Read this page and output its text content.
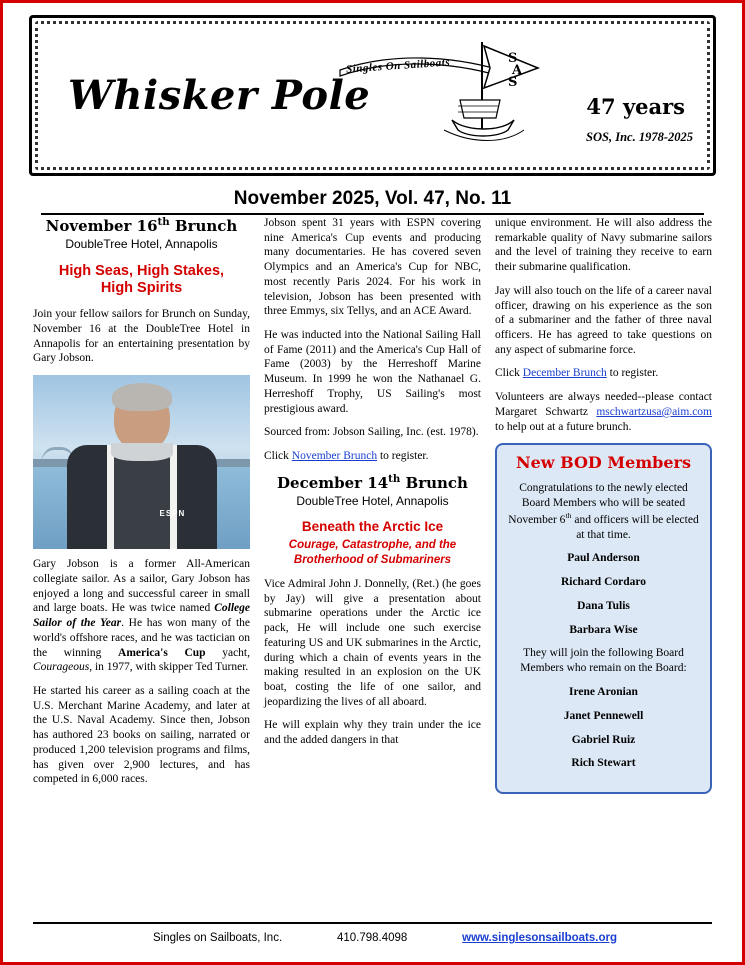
Whisker Pole
S
A
S
Singles On Sailboats
47 years
SOS, Inc. 1978-2025
November 2025, Vol. 47, No. 11
November 16th Brunch
DoubleTree Hotel, Annapolis
High Seas, High Stakes,
High Spirits

Join your fellow sailors for Brunch on Sunday, November 16 at the DoubleTree Hotel in Annapolis for an entertaining presentation by Gary Jobson.

ESPN

Gary Jobson is a former All-American collegiate sailor. As a sailor, Gary Jobson has enjoyed a long and successful career in small and large boats. He was twice named College Sailor of the Year. He has won many of the world's offshore races, and he was tactician on the winning America's Cup yacht, Courageous, in 1977, with skipper Ted Turner.

He started his career as a sailing coach at the U.S. Merchant Marine Academy, and later at the U.S. Naval Academy. Since then, Jobson has authored 23 books on sailing, narrated or produced 1,200 television programs and films, has given over 2,900 lectures, and has competed in 6,000 races.

Jobson spent 31 years with ESPN covering nine America's Cup events and producing many documentaries. He has covered seven Olympics and an America's Cup for NBC, most recently Paris 2024. For his work in television, Jobson has been presented with three Emmys, six Tellys, and an ACE Award.

He was inducted into the National Sailing Hall of Fame (2011) and the America's Cup Hall of Fame (2003) by the Herreshoff Marine Museum. In 1999 he won the Nathanael G. Herreshoff Trophy, US Sailing's most prestigious award.

Sourced from: Jobson Sailing, Inc. (est. 1978).

Click November Brunch to register.

December 14th Brunch
DoubleTree Hotel, Annapolis
Beneath the Arctic Ice
Courage, Catastrophe, and the Brotherhood of Submariners

Vice Admiral John J. Donnelly, (Ret.) (he goes by Jay) will give a presentation about submarine operations under the Arctic ice pack, He will include one such exercise featuring US and UK submarines in the Arctic, during which a chain of events years in the making resulted in an explosion on the UK boat, costing the life of one sailor, and jeopardizing the lives of all aboard.

He will explain why they train under the ice and the added dangers in that

unique environment. He will also address the remarkable quality of Navy submarine sailors and the level of training they receive to earn their submarine qualification.

Jay will also touch on the life of a career naval officer, drawing on his experience as the son of a submariner and the father of three naval officers. He has agreed to take questions on any aspect of submarine force.

Click December Brunch to register.

Volunteers are always needed--please contact Margaret Schwartz mschwartzusa@aim.com to help out at a future brunch.

New BOD Members

Congratulations to the newly elected Board Members who will be seated November 6th and officers will be elected at that time.

Paul Anderson
Richard Cordaro
Dana Tulis
Barbara Wise

They will join the following Board Members who remain on the Board:

Irene Aronian
Janet Pennewell
Gabriel Ruiz
Rich Stewart
Singles on Sailboats, Inc.	410.798.4098	www.singlesonsailboats.org
